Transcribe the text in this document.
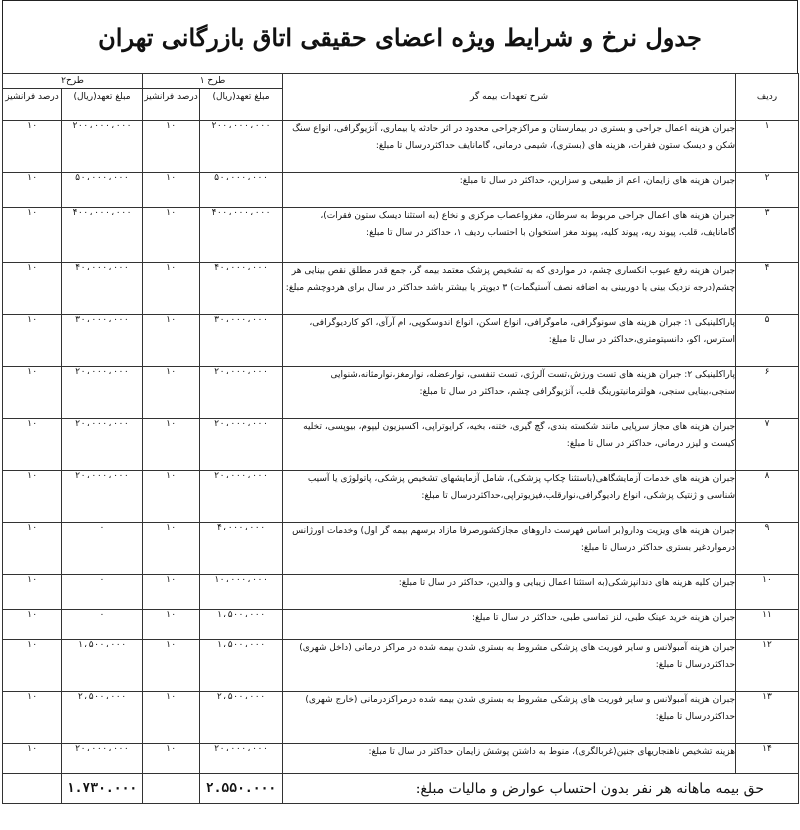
جدول نرخ و شرایط ویژه اعضای حقیقی اتاق بازرگانی تهران
طرح۲		طرح ۱		شرح تعهدات بیمه گر	ردیف
درصد فرانشیز	مبلغ تعهد(ریال)	درصد فرانشیز	مبلغ تعهد(ریال)		
۱۰	۲۰۰،۰۰۰،۰۰۰	۱۰	۲۰۰،۰۰۰،۰۰۰	جبران هزینه اعمال جراحی و بستری در بیمارستان و مراکزجراحی محدود در اثر حادثه یا بیماری، آنژیوگرافی، انواع سنگ شکن و دیسک ستون فقرات، هزینه های (بستری)، شیمی درمانی، گامانایف حداکثردرسال تا مبلغ:	۱
۱۰	۵۰،۰۰۰،۰۰۰	۱۰	۵۰،۰۰۰،۰۰۰	جبران هزینه های زایمان، اعم از طبیعی و سزارین، حداکثر در سال تا مبلغ:	۲
۱۰	۴۰۰،۰۰۰،۰۰۰	۱۰	۴۰۰،۰۰۰،۰۰۰	جبران هزینه های اعمال جراحی مربوط به سرطان، مغزواعصاب مرکزی و نخاع (به استثنا دیسک ستون فقرات)، گامانایف، قلب، پیوند ریه، پیوند کلیه، پیوند مغز استخوان با احتساب ردیف ۱، حداکثر در سال تا مبلغ:	۳
۱۰	۴۰،۰۰۰،۰۰۰	۱۰	۴۰،۰۰۰،۰۰۰	جبران هزینه رفع عیوب انکساری چشم، در مواردی که به تشخیص پزشک معتمد بیمه گر، جمع قدر مطلق نقص بینایی هر چشم(درجه نزدیک بینی یا دوربینی به اضافه نصف آستیگمات) ۳ دیوپتر یا بیشتر باشد حداکثر در سال برای هردوچشم مبلغ:	۴
۱۰	۳۰،۰۰۰،۰۰۰	۱۰	۳۰،۰۰۰،۰۰۰	پاراکلینیکی ۱: جبران هزینه های سونوگرافی، ماموگرافی، انواع اسکن، انواع اندوسکوپی، ام آر‌آی، اکو کاردیوگرافی، استرس، اکو، دانسیتومتری،حداکثر در سال تا مبلغ:	۵
۱۰	۲۰،۰۰۰،۰۰۰	۱۰	۲۰،۰۰۰،۰۰۰	پاراکلینیکی ۲: جبران هزینه های تست ورزش،تست آلرژی، تست تنفسی، نوارعضله، نوارمغز،نوارمثانه،شنوایی سنجی،بینایی سنجی، هولترمانیتورینگ قلب، آنژیوگرافی چشم، حداکثر در سال تا مبلغ:	۶
۱۰	۲۰،۰۰۰،۰۰۰	۱۰	۲۰،۰۰۰،۰۰۰	جبران هزینه های مجاز سرپایی مانند شکسته بندی، گچ گیری، ختنه، بخیه، کرایوتراپی، اکسیزیون لیپوم، بیوپسی، تخلیه کیست و لیزر درمانی، حداکثر در سال تا مبلغ:	۷
۱۰	۲۰،۰۰۰،۰۰۰	۱۰	۲۰،۰۰۰،۰۰۰	جبران هزینه های خدمات آزمایشگاهی(باستثنا چکاپ پزشکی)، شامل آزمایشهای تشخیص پزشکی، پاتولوژی یا آسیب شناسی و ژنتیک پزشکی، انواع رادیوگرافی،نوارقلب،فیزیوتراپی،حداکثردرسال تا مبلغ:	۸
۱۰	۰	۱۰	۴،۰۰۰،۰۰۰	جبران هزینه های ویزیت ودارو(بر اساس فهرست داروهای مجازکشورصرفا مازاد برسهم بیمه گر اول) وخدمات اورژانس درمواردغیر بستری حداکثر درسال تا مبلغ:	۹
۱۰	۰	۱۰	۱۰،۰۰۰،۰۰۰	جبران کلیه هزینه های دندانپزشکی(به استثنا اعمال زیبایی و والدین، حداکثر در سال تا مبلغ:	۱۰
۱۰	۰	۱۰	۱،۵۰۰،۰۰۰	جبران هزینه خرید عینک طبی، لنز تماسی طبی، حداکثر در سال تا مبلغ:	۱۱
۱۰	۱،۵۰۰،۰۰۰	۱۰	۱،۵۰۰،۰۰۰	جبران هزینه آمبولانس و سایر فوریت های پزشکی مشروط به بستری شدن بیمه شده در مراکز درمانی (داخل شهری) حداکثردرسال تا مبلغ:	۱۲
۱۰	۲،۵۰۰،۰۰۰	۱۰	۲،۵۰۰،۰۰۰	جبران هزینه آمبولانس و سایر فوریت های پزشکی مشروط به بستری شدن بیمه شده درمراکزدرمانی (خارج شهری) حداکثردرسال تا مبلغ:	۱۳
۱۰	۲۰،۰۰۰،۰۰۰	۱۰	۲۰،۰۰۰،۰۰۰	هزینه تشخیص ناهنجاریهای جنین(غربالگری)، منوط به داشتن پوشش زایمان حداکثر در سال تا مبلغ:	۱۴
	۱.۷۳۰.۰۰۰		۲.۵۵۰.۰۰۰	حق بیمه ماهانه هر نفر بدون احتساب عوارض و مالیات مبلغ:	
